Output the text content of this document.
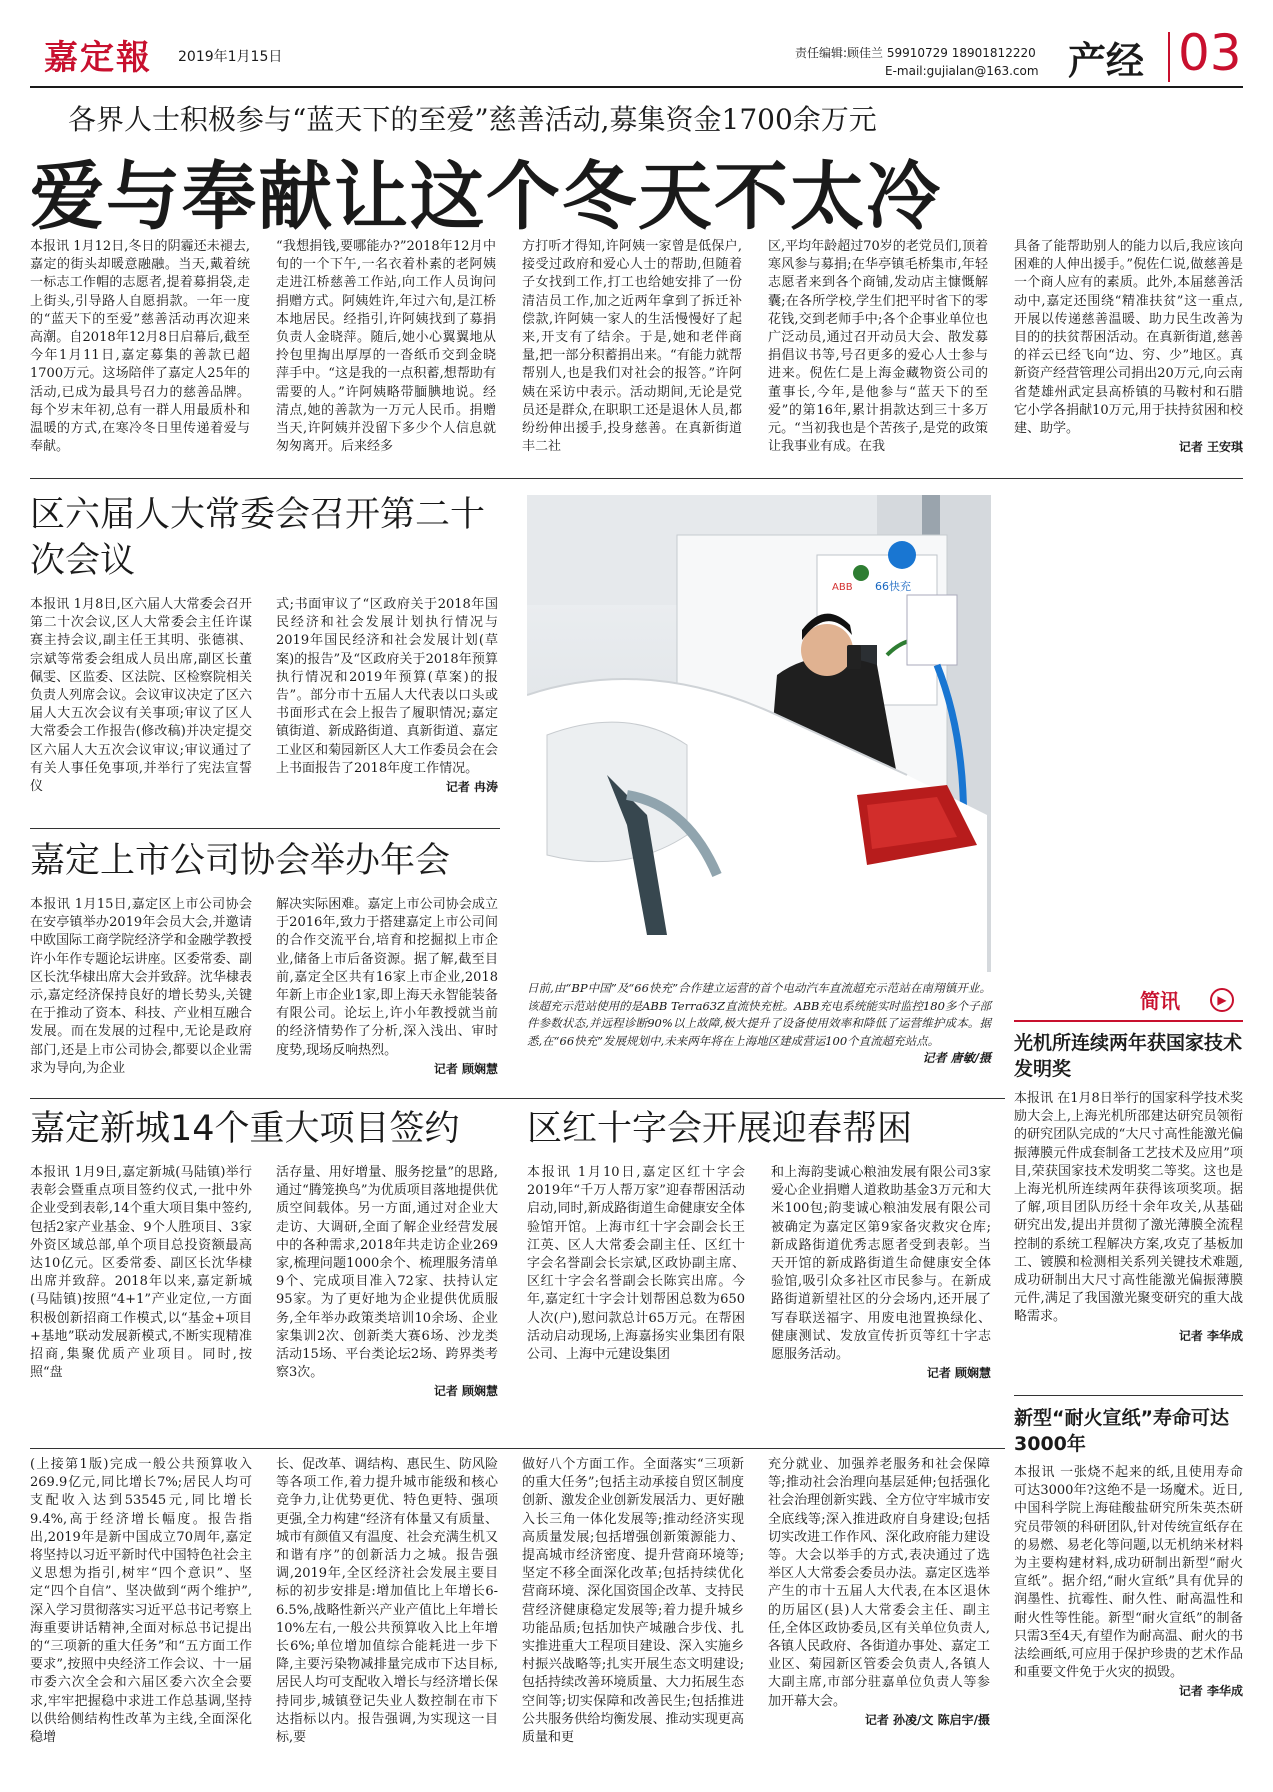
嘉定報 2019年1月15日	责任编辑:顾佳兰 59910729 18901812220
E-mail:gujialan@163.com 产经 03
各界人士积极参与“蓝天下的至爱”慈善活动,募集资金1700余万元
爱与奉献让这个冬天不太冷

本报讯 1月12日,冬日的阴霾还未褪去,嘉定的街头却暖意融融。当天,戴着统一标志工作帽的志愿者,提着募捐袋,走上街头,引导路人自愿捐款。一年一度的“蓝天下的至爱”慈善活动再次迎来高潮。自2018年12月8日启幕后,截至今年1月11日,嘉定募集的善款已超1700万元。这场陪伴了嘉定人25年的活动,已成为最具号召力的慈善品牌。每个岁末年初,总有一群人用最质朴和温暖的方式,在寒冷冬日里传递着爱与奉献。

“我想捐钱,要哪能办?”2018年12月中旬的一个下午,一名衣着朴素的老阿姨走进江桥慈善工作站,向工作人员询问捐赠方式。阿姨姓许,年过六旬,是江桥本地居民。经指引,许阿姨找到了募捐负责人金晓萍。随后,她小心翼翼地从拎包里掏出厚厚的一沓纸币交到金晓萍手中。“这是我的一点积蓄,想帮助有需要的人。”许阿姨略带腼腆地说。经清点,她的善款为一万元人民币。捐赠当天,许阿姨并没留下多少个人信息就匆匆离开。后来经多

方打听才得知,许阿姨一家曾是低保户,接受过政府和爱心人士的帮助,但随着子女找到工作,打工也给她安排了一份清洁员工作,加之近两年拿到了拆迁补偿款,许阿姨一家人的生活慢慢好了起来,开支有了结余。于是,她和老伴商量,把一部分积蓄捐出来。“有能力就帮帮别人,也是我们对社会的报答。”许阿姨在采访中表示。活动期间,无论是党员还是群众,在职职工还是退休人员,都纷纷伸出援手,投身慈善。在真新街道丰二社

区,平均年龄超过70岁的老党员们,顶着寒风参与募捐;在华亭镇毛桥集市,年轻志愿者来到各个商铺,发动店主慷慨解囊;在各所学校,学生们把平时省下的零花钱,交到老师手中;各个企事业单位也广泛动员,通过召开动员大会、散发募捐倡议书等,号召更多的爱心人士参与进来。倪佐仁是上海金藏物资公司的董事长,今年,是他参与“蓝天下的至爱”的第16年,累计捐款达到三十多万元。“当初我也是个苦孩子,是党的政策让我事业有成。在我

具备了能帮助别人的能力以后,我应该向困难的人伸出援手。”倪佐仁说,做慈善是一个商人应有的素质。此外,本届慈善活动中,嘉定还围绕“精准扶贫”这一重点,开展以传递慈善温暖、助力民生改善为目的的扶贫帮困活动。在真新街道,慈善的祥云已经飞向“边、穷、少”地区。真新资产经营管理公司捐出20万元,向云南省楚雄州武定县高桥镇的马鞍村和石腊它小学各捐献10万元,用于扶持贫困和校建、助学。

记者 王安琪
区六届人大常委会召开第二十次会议

本报讯 1月8日,区六届人大常委会召开第二十次会议,区人大常委会主任许谋赛主持会议,副主任王其明、张德祺、宗斌等常委会组成人员出席,副区长董佩雯、区监委、区法院、区检察院相关负责人列席会议。会议审议决定了区六届人大五次会议有关事项;审议了区人大常委会工作报告(修改稿)并决定提交区六届人大五次会议审议;审议通过了有关人事任免事项,并举行了宪法宣誓仪

式;书面审议了“区政府关于2018年国民经济和社会发展计划执行情况与2019年国民经济和社会发展计划(草案)的报告”及“区政府关于2018年预算执行情况和2019年预算(草案)的报告”。部分市十五届人大代表以口头或书面形式在会上报告了履职情况;嘉定镇街道、新成路街道、真新街道、嘉定工业区和菊园新区人大工作委员会在会上书面报告了2018年度工作情况。

记者 冉涛
嘉定上市公司协会举办年会

本报讯 1月15日,嘉定区上市公司协会在安亭镇举办2019年会员大会,并邀请中欧国际工商学院经济学和金融学教授许小年作专题论坛讲座。区委常委、副区长沈华棣出席大会并致辞。沈华棣表示,嘉定经济保持良好的增长势头,关键在于推动了资本、科技、产业相互融合发展。而在发展的过程中,无论是政府部门,还是上市公司协会,都要以企业需求为导向,为企业

解决实际困难。嘉定上市公司协会成立于2016年,致力于搭建嘉定上市公司间的合作交流平台,培育和挖掘拟上市企业,储备上市后备资源。据了解,截至目前,嘉定全区共有16家上市企业,2018年新上市企业1家,即上海天永智能装备有限公司。论坛上,许小年教授就当前的经济情势作了分析,深入浅出、审时度势,现场反响热烈。

记者 顾娴慧
ABB 66快充
日前,由“BP中国”及“66快充”合作建立运营的首个电动汽车直流超充示范站在南翔镇开业。该超充示范站使用的是ABB Terra63Z直流快充桩。ABB充电系统能实时监控180多个子部件参数状态,并远程诊断90%以上故障,极大提升了设备使用效率和降低了运营维护成本。据悉,在“66快充”发展规划中,未来两年将在上海地区建成营运100个直流超充站点。
记者 唐敏/摄
简讯	▶
光机所连续两年获国家技术发明奖

本报讯 在1月8日举行的国家科学技术奖励大会上,上海光机所邵建达研究员领衔的研究团队完成的“大尺寸高性能激光偏振薄膜元件成套制备工艺技术及应用”项目,荣获国家技术发明奖二等奖。这也是上海光机所连续两年获得该项奖项。据了解,项目团队历经十余年攻关,从基础研究出发,提出并贯彻了激光薄膜全流程控制的系统工程解决方案,攻克了基板加工、镀膜和检测相关系列关键技术难题,成功研制出大尺寸高性能激光偏振薄膜元件,满足了我国激光聚变研究的重大战略需求。

记者 李华成
新型“耐火宣纸”寿命可达3000年

本报讯 一张烧不起来的纸,且使用寿命可达3000年?这绝不是一场魔术。近日,中国科学院上海硅酸盐研究所朱英杰研究员带领的科研团队,针对传统宣纸存在的易燃、易老化等问题,以无机纳米材料为主要构建材料,成功研制出新型“耐火宣纸”。据介绍,“耐火宣纸”具有优异的润墨性、抗霉性、耐久性、耐高温性和耐火性等性能。新型“耐火宣纸”的制备只需3至4天,有望作为耐高温、耐火的书法绘画纸,可应用于保护珍贵的艺术作品和重要文件免于火灾的损毁。

记者 李华成
嘉定新城14个重大项目签约

本报讯 1月9日,嘉定新城(马陆镇)举行表彰会暨重点项目签约仪式,一批中外企业受到表彰,14个重大项目集中签约,包括2家产业基金、9个人胜项目、3家外资区域总部,单个项目总投资额最高达10亿元。区委常委、副区长沈华棣出席并致辞。2018年以来,嘉定新城(马陆镇)按照“4+1”产业定位,一方面积极创新招商工作模式,以“基金+项目+基地”联动发展新模式,不断实现精准招商,集聚优质产业项目。同时,按照“盘

活存量、用好增量、服务挖量”的思路,通过“腾笼换鸟”为优质项目落地提供优质空间载体。另一方面,通过对企业大走访、大调研,全面了解企业经营发展中的各种需求,2018年共走访企业269家,梳理问题1000余个、梳理服务清单9个、完成项目准入72家、扶持认定95家。为了更好地为企业提供优质服务,全年举办政策类培训10余场、企业家集训2次、创新类大赛6场、沙龙类活动15场、平台类论坛2场、跨界类考察3次。

记者 顾娴慧
区红十字会开展迎春帮困

本报讯 1月10日,嘉定区红十字会2019年“千万人帮万家”迎春帮困活动启动,同时,新成路街道生命健康安全体验馆开馆。上海市红十字会副会长王江英、区人大常委会副主任、区红十字会名誉副会长宗斌,区政协副主席、区红十字会名誉副会长陈宾出席。今年,嘉定红十字会计划帮困总数为650人次(户),慰问款总计65万元。在帮困活动启动现场,上海嘉扬实业集团有限公司、上海中元建设集团

和上海韵斐诚心粮油发展有限公司3家爱心企业捐赠人道救助基金3万元和大米100包;韵斐诚心粮油发展有限公司被确定为嘉定区第9家备灾救灾仓库;新成路街道优秀志愿者受到表彰。当天开馆的新成路街道生命健康安全体验馆,吸引众多社区市民参与。在新成路街道新望社区的分会场内,还开展了写春联送福字、用废电池置换绿化、健康测试、发放宣传折页等红十字志愿服务活动。

记者 顾娴慧

(上接第1版)完成一般公共预算收入269.9亿元,同比增长7%;居民人均可支配收入达到53545元,同比增长9.4%,高于经济增长幅度。报告指出,2019年是新中国成立70周年,嘉定将坚持以习近平新时代中国特色社会主义思想为指引,树牢“四个意识”、坚定“四个自信”、坚决做到“两个维护”,深入学习贯彻落实习近平总书记考察上海重要讲话精神,全面对标总书记提出的“三项新的重大任务”和“五方面工作要求”,按照中央经济工作会议、十一届市委六次全会和六届区委六次全会要求,牢牢把握稳中求进工作总基调,坚持以供给侧结构性改革为主线,全面深化稳增

长、促改革、调结构、惠民生、防风险等各项工作,着力提升城市能级和核心竞争力,让优势更优、特色更特、强项更强,全力构建“经济有体量又有质量、城市有颜值又有温度、社会充满生机又和谐有序”的创新活力之城。报告强调,2019年,全区经济社会发展主要目标的初步安排是:增加值比上年增长6-6.5%,战略性新兴产业产值比上年增长10%左右,一般公共预算收入比上年增长6%;单位增加值综合能耗进一步下降,主要污染物减排量完成市下达目标,居民人均可支配收入增长与经济增长保持同步,城镇登记失业人数控制在市下达指标以内。报告强调,为实现这一目标,要

做好八个方面工作。全面落实“三项新的重大任务”;包括主动承接自贸区制度创新、激发企业创新发展活力、更好融入长三角一体化发展等;推动经济实现高质量发展;包括增强创新策源能力、提高城市经济密度、提升营商环境等;坚定不移全面深化改革;包括持续优化营商环境、深化国资国企改革、支持民营经济健康稳定发展等;着力提升城乡功能品质;包括加快产城融合步伐、扎实推进重大工程项目建设、深入实施乡村振兴战略等;扎实开展生态文明建设;包括持续改善环境质量、大力拓展生态空间等;切实保障和改善民生;包括推进公共服务供给均衡发展、推动实现更高质量和更

充分就业、加强养老服务和社会保障等;推动社会治理向基层延伸;包括强化社会治理创新实践、全方位守牢城市安全底线等;深入推进政府自身建设;包括切实改进工作作风、深化政府能力建设等。大会以举手的方式,表决通过了选举区人大常委会委员办法。嘉定区选举产生的市十五届人大代表,在本区退休的历届区(县)人大常委会主任、副主任,全体区政协委员,区有关单位负责人,各镇人民政府、各街道办事处、嘉定工业区、菊园新区管委会负责人,各镇人大副主席,市部分驻嘉单位负责人等参加开幕大会。

记者 孙凌/文 陈启宇/摄
